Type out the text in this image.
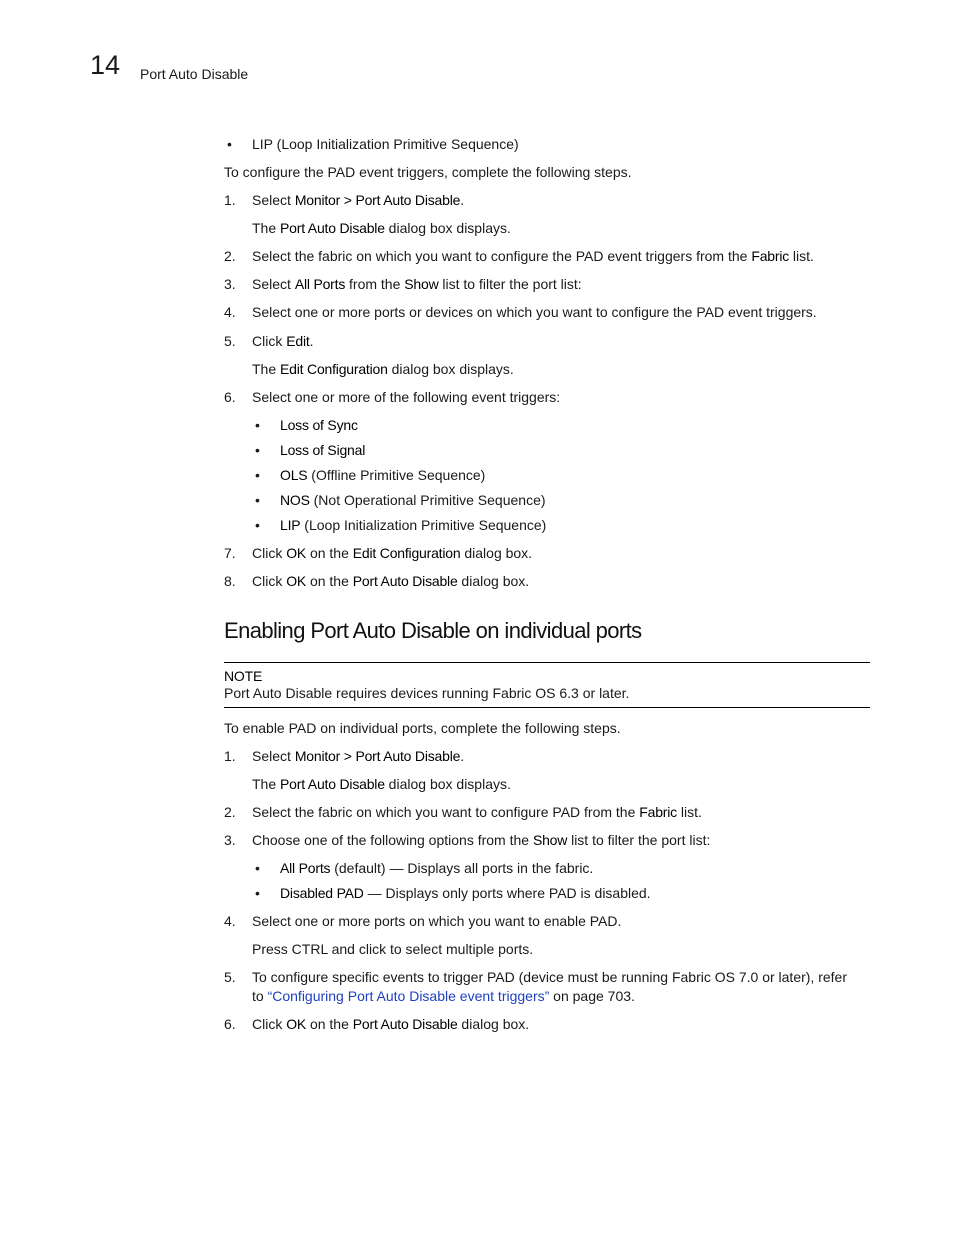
14 Port Auto Disable
• LIP (Loop Initialization Primitive Sequence)
To configure the PAD event triggers, complete the following steps.
1. Select Monitor > Port Auto Disable.
The Port Auto Disable dialog box displays.
2. Select the fabric on which you want to configure the PAD event triggers from the Fabric list.
3. Select All Ports from the Show list to filter the port list:
4. Select one or more ports or devices on which you want to configure the PAD event triggers.
5. Click Edit.
The Edit Configuration dialog box displays.
6. Select one or more of the following event triggers:
• Loss of Sync
• Loss of Signal
• OLS (Offline Primitive Sequence)
• NOS (Not Operational Primitive Sequence)
• LIP (Loop Initialization Primitive Sequence)
7. Click OK on the Edit Configuration dialog box.
8. Click OK on the Port Auto Disable dialog box.
Enabling Port Auto Disable on individual ports
NOTE
Port Auto Disable requires devices running Fabric OS 6.3 or later.
To enable PAD on individual ports, complete the following steps.
1. Select Monitor > Port Auto Disable.
The Port Auto Disable dialog box displays.
2. Select the fabric on which you want to configure PAD from the Fabric list.
3. Choose one of the following options from the Show list to filter the port list:
• All Ports (default) — Displays all ports in the fabric.
• Disabled PAD — Displays only ports where PAD is disabled.
4. Select one or more ports on which you want to enable PAD.
Press CTRL and click to select multiple ports.
5. To configure specific events to trigger PAD (device must be running Fabric OS 7.0 or later), refer
to “Configuring Port Auto Disable event triggers” on page 703.
6. Click OK on the Port Auto Disable dialog box.
